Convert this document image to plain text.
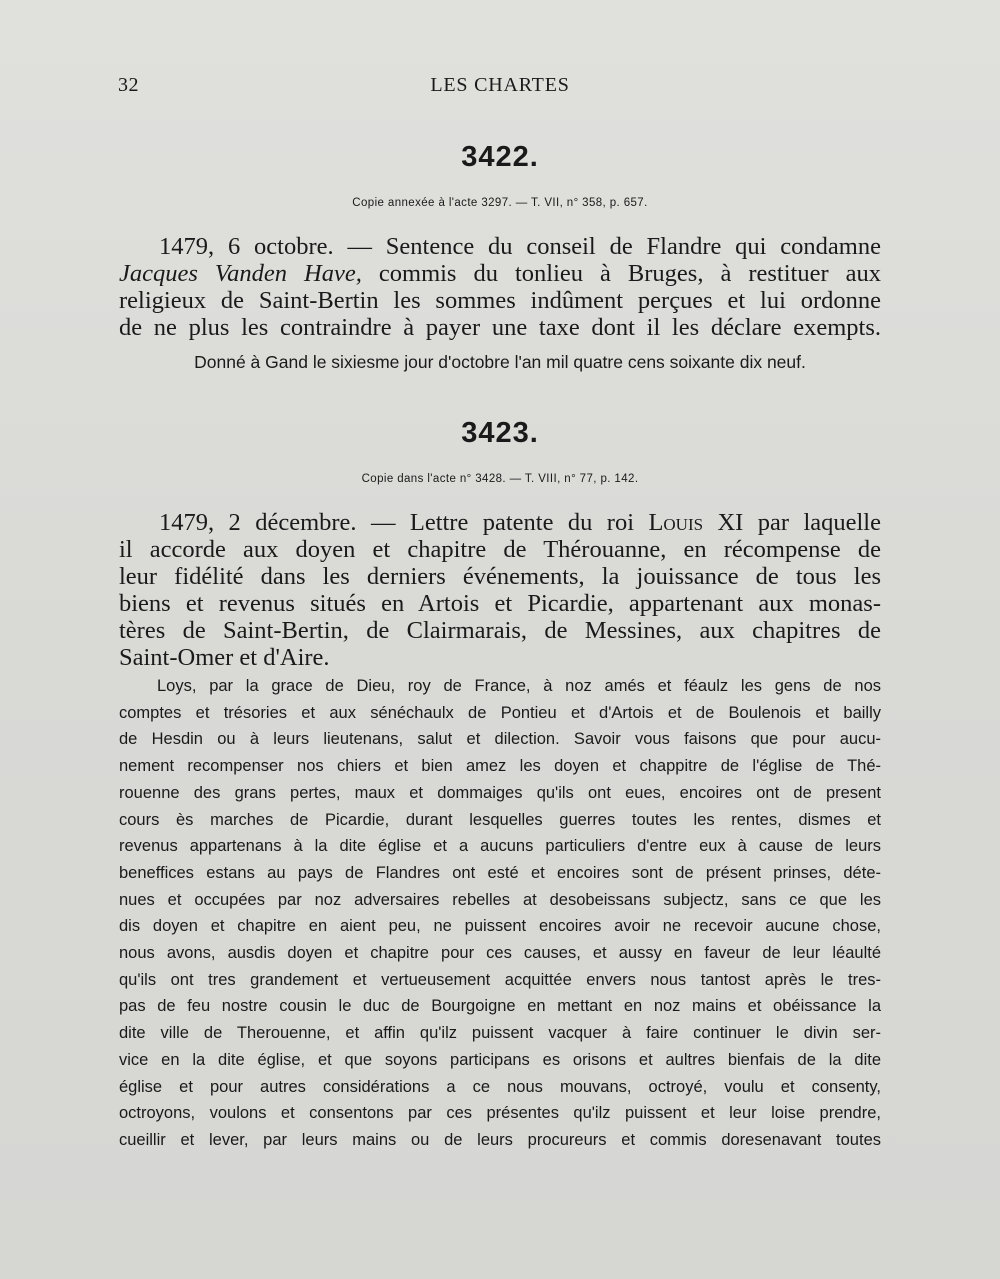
32	LES CHARTES
3422.
Copie annexée à l'acte 3297. — T. VII, n° 358, p. 657.
1479, 6 octobre. — Sentence du conseil de Flandre qui condamne
Jacques Vanden Have, commis du tonlieu à Bruges, à restituer aux
religieux de Saint-Bertin les sommes indûment perçues et lui ordonne
de ne plus les contraindre à payer une taxe dont il les déclare exempts.
Donné à Gand le sixiesme jour d'octobre l'an mil quatre cens soixante dix neuf.
3423.
Copie dans l'acte n° 3428. — T. VIII, n° 77, p. 142.
1479, 2 décembre. — Lettre patente du roi Louis XI par laquelle
il accorde aux doyen et chapitre de Thérouanne, en récompense de
leur fidélité dans les derniers événements, la jouissance de tous les
biens et revenus situés en Artois et Picardie, appartenant aux monas-
tères de Saint-Bertin, de Clairmarais, de Messines, aux chapitres de
Saint-Omer et d'Aire.
Loys, par la grace de Dieu, roy de France, à noz amés et féaulz les gens de nos
comptes et trésories et aux sénéchaulx de Pontieu et d'Artois et de Boulenois et bailly
de Hesdin ou à leurs lieutenans, salut et dilection. Savoir vous faisons que pour aucu-
nement recompenser nos chiers et bien amez les doyen et chappitre de l'église de Thé-
rouenne des grans pertes, maux et dommaiges qu'ils ont eues, encoires ont de present
cours ès marches de Picardie, durant lesquelles guerres toutes les rentes, dismes et
revenus appartenans à la dite église et a aucuns particuliers d'entre eux à cause de leurs
beneffices estans au pays de Flandres ont esté et encoires sont de présent prinses, déte-
nues et occupées par noz adversaires rebelles at desobeissans subjectz, sans ce que les
dis doyen et chapitre en aient peu, ne puissent encoires avoir ne recevoir aucune chose,
nous avons, ausdis doyen et chapitre pour ces causes, et aussy en faveur de leur léaulté
qu'ils ont tres grandement et vertueusement acquittée envers nous tantost après le tres-
pas de feu nostre cousin le duc de Bourgoigne en mettant en noz mains et obéissance la
dite ville de Therouenne, et affin qu'ilz puissent vacquer à faire continuer le divin ser-
vice en la dite église, et que soyons participans es orisons et aultres bienfais de la dite
église et pour autres considérations a ce nous mouvans, octroyé, voulu et consenty,
octroyons, voulons et consentons par ces présentes qu'ilz puissent et leur loise prendre,
cueillir et lever, par leurs mains ou de leurs procureurs et commis doresenavant toutes
